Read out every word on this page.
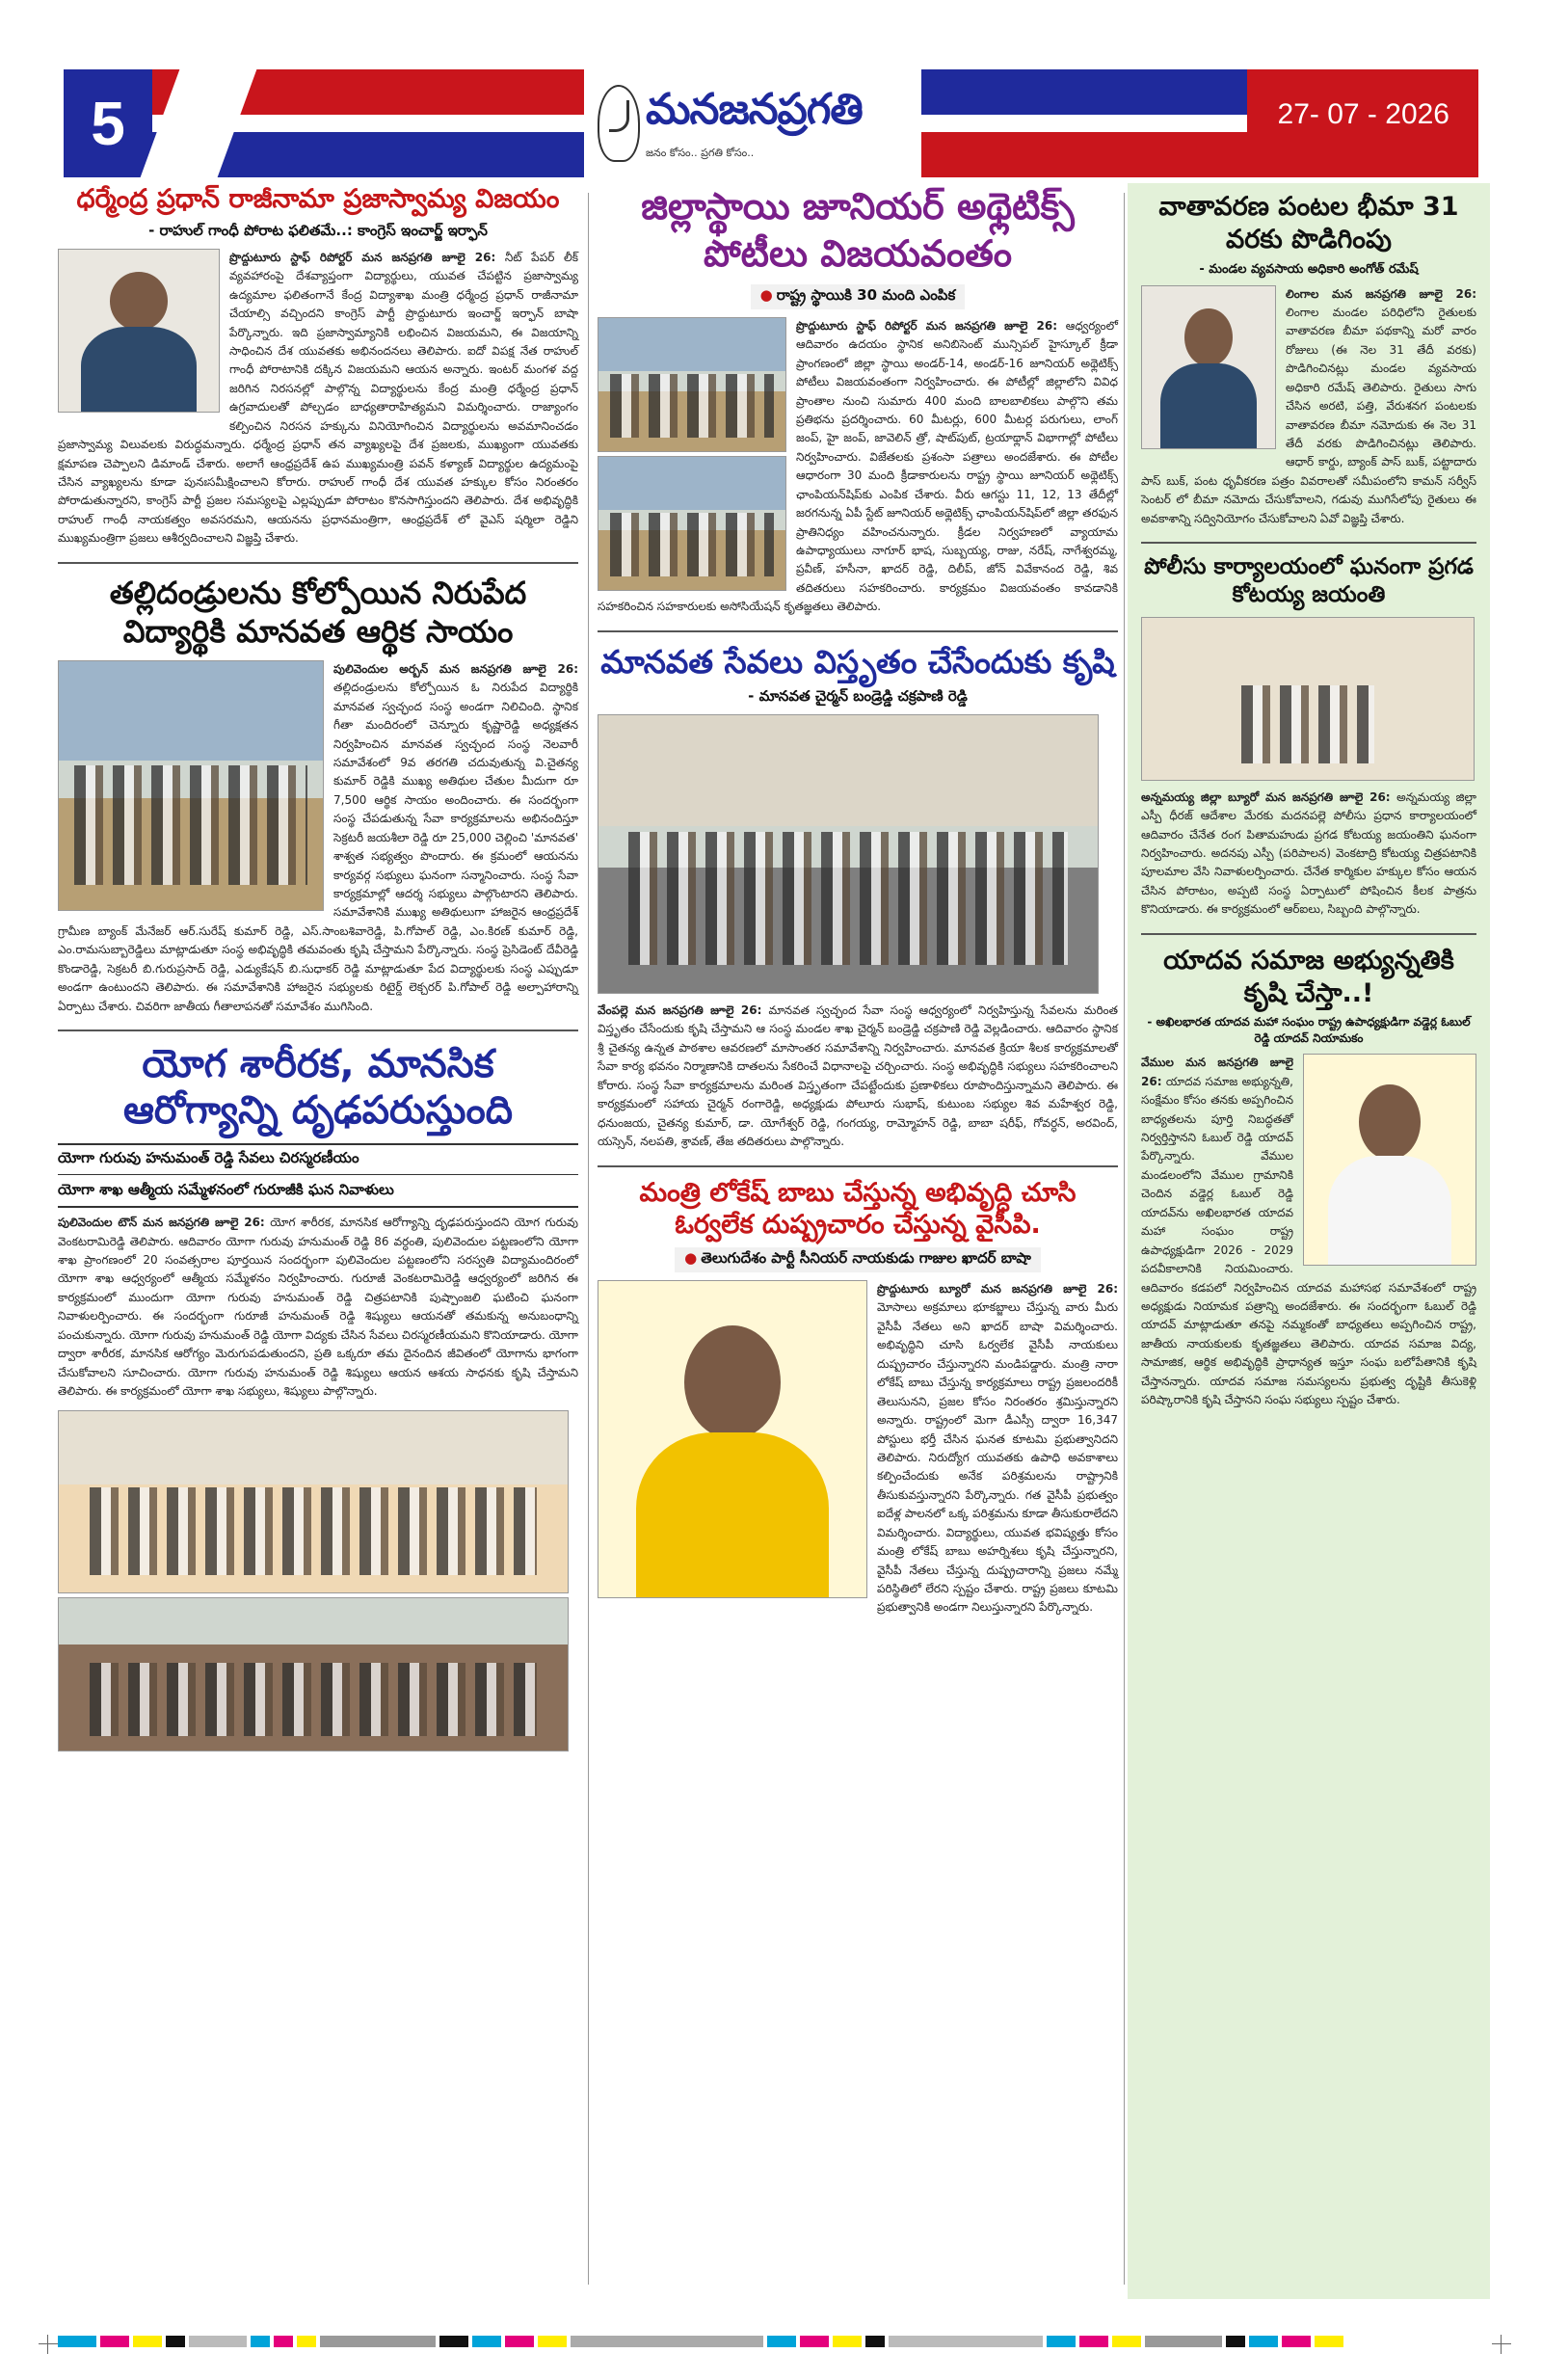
5	మనజనప్రగతి
జనం కోసం.. ప్రగతి కోసం..
27- 07 - 2026
ధర్మేంద్ర ప్రధాన్ రాజీనామా ప్రజాస్వామ్య విజయం
- రాహుల్ గాంధీ పోరాట ఫలితమే..: కాంగ్రెస్ ఇంచార్జ్ ఇర్ఫాన్
ప్రొద్దుటూరు స్టాఫ్ రిపోర్టర్ మన జనప్రగతి జూలై 26: నీట్ పేపర్ లీక్ వ్యవహారంపై దేశవ్యాప్తంగా విద్యార్థులు, యువత చేపట్టిన ప్రజాస్వామ్య ఉద్యమాల ఫలితంగానే కేంద్ర విద్యాశాఖ మంత్రి ధర్మేంద్ర ప్రధాన్ రాజీనామా చేయాల్సి వచ్చిందని కాంగ్రెస్ పార్టీ ప్రొద్దుటూరు ఇంచార్జ్ ఇర్ఫాన్ బాషా పేర్కొన్నారు. ఇది ప్రజాస్వామ్యానికి లభించిన విజయమని, ఈ విజయాన్ని సాధించిన దేశ యువతకు అభినందనలు తెలిపారు. ఐదో విపక్ష నేత రాహుల్ గాంధీ పోరాటానికి దక్కిన విజయమని ఆయన అన్నారు. ఇంటర్ మంగళ వద్ద జరిగిన నిరసనల్లో పాల్గొన్న విద్యార్థులను కేంద్ర మంత్రి ధర్మేంద్ర ప్రధాన్ ఉగ్రవాదులతో పోల్చడం బాధ్యతారాహిత్యమని విమర్శించారు. రాజ్యాంగం కల్పించిన నిరసన హక్కును వినియోగించిన విద్యార్థులను అవమానించడం ప్రజాస్వామ్య విలువలకు విరుద్ధమన్నారు. ధర్మేంద్ర ప్రధాన్ తన వ్యాఖ్యలపై దేశ ప్రజలకు, ముఖ్యంగా యువతకు క్షమాపణ చెప్పాలని డిమాండ్ చేశారు. అలాగే ఆంధ్రప్రదేశ్ ఉప ముఖ్యమంత్రి పవన్ కళ్యాణ్ విద్యార్థుల ఉద్యమంపై చేసిన వ్యాఖ్యలను కూడా పునఃసమీక్షించాలని కోరారు. రాహుల్ గాంధీ దేశ యువత హక్కుల కోసం నిరంతరం పోరాడుతున్నారని, కాంగ్రెస్ పార్టీ ప్రజల సమస్యలపై ఎల్లప్పుడూ పోరాటం కొనసాగిస్తుందని తెలిపారు. దేశ అభివృద్ధికి రాహుల్ గాంధీ నాయకత్వం అవసరమని, ఆయనను ప్రధానమంత్రిగా, ఆంధ్రప్రదేశ్ లో వైఎస్ షర్మిలా రెడ్డిని ముఖ్యమంత్రిగా ప్రజలు ఆశీర్వదించాలని విజ్ఞప్తి చేశారు.
తల్లిదండ్రులను కోల్పోయిన నిరుపేద విద్యార్థికి మానవత ఆర్థిక సాయం
పులివెందుల అర్బన్ మన జనప్రగతి జూలై 26: తల్లిదండ్రులను కోల్పోయిన ఓ నిరుపేద విద్యార్థికి మానవత స్వచ్ఛంద సంస్థ అండగా నిలిచింది. స్థానిక గీతా మందిరంలో చెన్నూరు కృష్ణారెడ్డి అధ్యక్షతన నిర్వహించిన మానవత స్వచ్ఛంద సంస్థ నెలవారీ సమావేశంలో 9వ తరగతి చదువుతున్న వి.చైతన్య కుమార్ రెడ్డికి ముఖ్య అతిథుల చేతుల మీదుగా రూ 7,500 ఆర్థిక సాయం అందించారు. ఈ సందర్భంగా సంస్థ చేపడుతున్న సేవా కార్యక్రమాలను అభినందిస్తూ సెక్రటరీ జయశీలా రెడ్డి రూ 25,000 చెల్లించి 'మానవత' శాశ్వత సభ్యత్వం పొందారు. ఈ క్రమంలో ఆయనను కార్యవర్గ సభ్యులు ఘనంగా సన్మానించారు. సంస్థ సేవా కార్యక్రమాల్లో ఆదర్శ సభ్యులు పాల్గొంటారని తెలిపారు. సమావేశానికి ముఖ్య అతిథులుగా హాజరైన ఆంధ్రప్రదేశ్ గ్రామీణ బ్యాంక్ మేనేజర్ ఆర్.సురేష్ కుమార్ రెడ్డి, ఎస్.సాంబశివారెడ్డి, పి.గోపాల్ రెడ్డి, ఎం.కిరణ్ కుమార్ రెడ్డి, ఎం.రామసుబ్బారెడ్డిలు మాట్లాడుతూ సంస్థ అభివృద్ధికి తమవంతు కృషి చేస్తామని పేర్కొన్నారు. సంస్థ ప్రెసిడెంట్ దేవీరెడ్డి కొండారెడ్డి, సెక్రటరీ బి.గురుప్రసాద్ రెడ్డి, ఎడ్యుకేషన్ బి.సుధాకర్ రెడ్డి మాట్లాడుతూ పేద విద్యార్థులకు సంస్థ ఎప్పుడూ అండగా ఉంటుందని తెలిపారు. ఈ సమావేశానికి హాజరైన సభ్యులకు రిటైర్డ్ లెక్చరర్ పి.గోపాల్ రెడ్డి అల్పాహారాన్ని ఏర్పాటు చేశారు. చివరిగా జాతీయ గీతాలాపనతో సమావేశం ముగిసింది.
యోగ శారీరక, మానసిక ఆరోగ్యాన్ని దృఢపరుస్తుంది
యోగా గురువు హనుమంత్ రెడ్డి సేవలు చిరస్మరణీయం
యోగా శాఖ ఆత్మీయ సమ్మేళనంలో గురూజీకి ఘన నివాళులు
పులివెందుల టౌన్ మన జనప్రగతి జూలై 26: యోగ శారీరక, మానసిక ఆరోగ్యాన్ని దృఢపరుస్తుందని యోగ గురువు వెంకటరామిరెడ్డి తెలిపారు. ఆదివారం యోగా గురువు హనుమంత్ రెడ్డి 86 వర్ధంతి, పులివెందుల పట్టణంలోని యోగా శాఖ ప్రాంగణంలో 20 సంవత్సరాల పూర్తయిన సందర్భంగా పులివెందుల పట్టణంలోని సరస్వతి విద్యామందిరంలో యోగా శాఖ ఆధ్వర్యంలో ఆత్మీయ సమ్మేళనం నిర్వహించారు. గురూజీ వెంకటరామిరెడ్డి ఆధ్వర్యంలో జరిగిన ఈ కార్యక్రమంలో ముందుగా యోగా గురువు హనుమంత్ రెడ్డి చిత్రపటానికి పుష్పాంజలి ఘటించి ఘనంగా నివాళులర్పించారు. ఈ సందర్భంగా గురూజీ హనుమంత్ రెడ్డి శిష్యులు ఆయనతో తమకున్న అనుబంధాన్ని పంచుకున్నారు. యోగా గురువు హనుమంత్ రెడ్డి యోగా విద్యకు చేసిన సేవలు చిరస్మరణీయమని కొనియాడారు. యోగా ద్వారా శారీరక, మానసిక ఆరోగ్యం మెరుగుపడుతుందని, ప్రతి ఒక్కరూ తమ దైనందిన జీవితంలో యోగాను భాగంగా చేసుకోవాలని సూచించారు. యోగా గురువు హనుమంత్ రెడ్డి శిష్యులు ఆయన ఆశయ సాధనకు కృషి చేస్తామని తెలిపారు. ఈ కార్యక్రమంలో యోగా శాఖ సభ్యులు, శిష్యులు పాల్గొన్నారు.
జిల్లాస్థాయి జూనియర్ అథ్లెటిక్స్ పోటీలు విజయవంతం
● రాష్ట్ర స్థాయికి 30 మంది ఎంపిక
ప్రొద్దుటూరు స్టాఫ్ రిపోర్టర్ మన జనప్రగతి జూలై 26: ఆధ్వర్యంలో ఆదివారం ఉదయం స్థానిక అనిబిసెంట్ మున్సిపల్ హైస్కూల్ క్రీడా ప్రాంగణంలో జిల్లా స్థాయి అండర్-14, అండర్-16 జూనియర్ అథ్లెటిక్స్ పోటీలు విజయవంతంగా నిర్వహించారు. ఈ పోటీల్లో జిల్లాలోని వివిధ ప్రాంతాల నుంచి సుమారు 400 మంది బాలబాలికలు పాల్గొని తమ ప్రతిభను ప్రదర్శించారు. 60 మీటర్లు, 600 మీటర్ల పరుగులు, లాంగ్ జంప్, హై జంప్, జావెలిన్ త్రో, షాట్‌పుట్, ట్రయాథ్లాన్ విభాగాల్లో పోటీలు నిర్వహించారు. విజేతలకు ప్రశంసా పత్రాలు అందజేశారు. ఈ పోటీల ఆధారంగా 30 మంది క్రీడాకారులను రాష్ట్ర స్థాయి జూనియర్ అథ్లెటిక్స్ ఛాంపియన్‌షిప్‌కు ఎంపిక చేశారు. వీరు ఆగస్టు 11, 12, 13 తేదీల్లో జరగనున్న ఏపీ స్టేట్ జూనియర్ అథ్లెటిక్స్ ఛాంపియన్‌షిప్‌లో జిల్లా తరఫున ప్రాతినిధ్యం వహించనున్నారు. క్రీడల నిర్వహణలో వ్యాయామ ఉపాధ్యాయులు నాగూర్ భాష, సుబ్బయ్య, రాజు, నరేష్, నాగేశ్వరమ్మ, ప్రవీణ్, హసీనా, ఖాదర్ రెడ్డి, దిలీప్, జోన్ వివేకానంద రెడ్డి, శివ తదితరులు సహకరించారు. కార్యక్రమం విజయవంతం కావడానికి సహకరించిన సహకారులకు అసోసియేషన్ కృతజ్ఞతలు తెలిపారు.
మానవత సేవలు విస్తృతం చేసేందుకు కృషి
- మానవత చైర్మన్ బండ్రెడ్డి చక్రపాణి రెడ్డి
వేంపల్లె మన జనప్రగతి జూలై 26: మానవత స్వచ్ఛంద సేవా సంస్థ ఆధ్వర్యంలో నిర్వహిస్తున్న సేవలను మరింత విస్తృతం చేసేందుకు కృషి చేస్తామని ఆ సంస్థ మండల శాఖ చైర్మన్ బండ్రెడ్డి చక్రపాణి రెడ్డి వెల్లడించారు. ఆదివారం స్థానిక శ్రీ చైతన్య ఉన్నత పాఠశాల ఆవరణలో మాసాంతర సమావేశాన్ని నిర్వహించారు. మానవత క్రియా శీలక కార్యక్రమాలతో సేవా కార్య భవనం నిర్మాణానికి దాతలను సేకరించే విధానాలపై చర్చించారు. సంస్థ అభివృద్ధికి సభ్యులు సహకరించాలని కోరారు. సంస్థ సేవా కార్యక్రమాలను మరింత విస్తృతంగా చేపట్టేందుకు ప్రణాళికలు రూపొందిస్తున్నామని తెలిపారు. ఈ కార్యక్రమంలో సహాయ చైర్మన్ రంగారెడ్డి, అధ్యక్షుడు పోలూరు సుభాష్, కుటుంబ సభ్యుల శివ మహేశ్వర రెడ్డి, ధనుంజయ, చైతన్య కుమార్, డా. యోగేశ్వర్ రెడ్డి, గంగయ్య, రామ్మోహన్ రెడ్డి, బాబా షరీఫ్, గోవర్ధన్, అరవింద్, యస్సెన్, నలపతి, శ్రావణ్, తేజ తదితరులు పాల్గొన్నారు.
మంత్రి లోకేష్ బాబు చేస్తున్న అభివృద్ధి చూసి ఓర్వలేక దుష్ప్రచారం చేస్తున్న వైసీపి.
● తెలుగుదేశం పార్టీ సీనియర్ నాయకుడు గాజుల ఖాదర్ బాషా
ప్రొద్దుటూరు బ్యూరో మన జనప్రగతి జూలై 26: మోసాలు అక్రమాలు భూకబ్జాలు చేస్తున్న వారు మీరు వైసీపీ నేతలు అని ఖాదర్ బాషా విమర్శించారు. అభివృద్ధిని చూసి ఓర్వలేక వైసీపీ నాయకులు దుష్ప్రచారం చేస్తున్నారని మండిపడ్డారు. మంత్రి నారా లోకేష్ బాబు చేస్తున్న కార్యక్రమాలు రాష్ట్ర ప్రజలందరికీ తెలుసునని, ప్రజల కోసం నిరంతరం శ్రమిస్తున్నారని అన్నారు. రాష్ట్రంలో మెగా డీఎస్సీ ద్వారా 16,347 పోస్టులు భర్తీ చేసిన ఘనత కూటమి ప్రభుత్వానిదని తెలిపారు. నిరుద్యోగ యువతకు ఉపాధి అవకాశాలు కల్పించేందుకు అనేక పరిశ్రమలను రాష్ట్రానికి తీసుకువస్తున్నారని పేర్కొన్నారు. గత వైసీపీ ప్రభుత్వం ఐదేళ్ల పాలనలో ఒక్క పరిశ్రమను కూడా తీసుకురాలేదని విమర్శించారు. విద్యార్థులు, యువత భవిష్యత్తు కోసం మంత్రి లోకేష్ బాబు అహర్నిశలు కృషి చేస్తున్నారని, వైసీపీ నేతలు చేస్తున్న దుష్ప్రచారాన్ని ప్రజలు నమ్మే పరిస్థితిలో లేరని స్పష్టం చేశారు. రాష్ట్ర ప్రజలు కూటమి ప్రభుత్వానికి అండగా నిలుస్తున్నారని పేర్కొన్నారు.
వాతావరణ పంటల భీమా 31 వరకు పొడిగింపు
- మండల వ్యవసాయ అధికారి అంగోత్ రమేష్
లింగాల మన జనప్రగతి జూలై 26: లింగాల మండల పరిధిలోని రైతులకు వాతావరణ బీమా పథకాన్ని మరో వారం రోజులు (ఈ నెల 31 తేదీ వరకు) పొడిగించినట్లు మండల వ్యవసాయ అధికారి రమేష్ తెలిపారు. రైతులు సాగు చేసిన అరటి, పత్తి, వేరుశనగ పంటలకు వాతావరణ బీమా నమోదుకు ఈ నెల 31 తేదీ వరకు పొడిగించినట్లు తెలిపారు. ఆధార్ కార్డు, బ్యాంక్ పాస్ బుక్, పట్టాదారు పాస్ బుక్, పంట ధృవీకరణ పత్రం వివరాలతో సమీపంలోని కామన్ సర్వీస్ సెంటర్ లో బీమా నమోదు చేసుకోవాలని, గడువు ముగిసేలోపు రైతులు ఈ అవకాశాన్ని సద్వినియోగం చేసుకోవాలని ఏవో విజ్ఞప్తి చేశారు.
పోలీసు కార్యాలయంలో ఘనంగా ప్రగడ కోటయ్య జయంతి
అన్నమయ్య జిల్లా బ్యూరో మన జనప్రగతి జూలై 26: అన్నమయ్య జిల్లా ఎస్పీ ధీరజ్ ఆదేశాల మేరకు మదనపల్లె పోలీసు ప్రధాన కార్యాలయంలో ఆదివారం చేనేత రంగ పితామహుడు ప్రగడ కోటయ్య జయంతిని ఘనంగా నిర్వహించారు. అదనపు ఎస్పీ (పరిపాలన) వెంకటాద్రి కోటయ్య చిత్రపటానికి పూలమాల వేసి నివాళులర్పించారు. చేనేత కార్మికుల హక్కుల కోసం ఆయన చేసిన పోరాటం, అప్పటి సంస్థ ఏర్పాటులో పోషించిన కీలక పాత్రను కొనియాడారు. ఈ కార్యక్రమంలో ఆర్ఐలు, సిబ్బంది పాల్గొన్నారు.
యాదవ సమాజ అభ్యున్నతికి కృషి చేస్తా..!
- అఖిలభారత యాదవ మహా సంఘం రాష్ట్ర ఉపాధ్యక్షుడిగా వడ్డెర్ల ఓబుల్ రెడ్డి యాదవ్ నియామకం
వేముల మన జనప్రగతి జూలై 26: యాదవ సమాజ అభ్యున్నతి, సంక్షేమం కోసం తనకు అప్పగించిన బాధ్యతలను పూర్తి నిబద్ధతతో నిర్వర్తిస్తానని ఓబుల్ రెడ్డి యాదవ్ పేర్కొన్నారు. వేముల మండలంలోని వేముల గ్రామానికి చెందిన వడ్డెర్ల ఓబుల్ రెడ్డి యాదవ్‌ను అఖిలభారత యాదవ మహా సంఘం రాష్ట్ర ఉపాధ్యక్షుడిగా 2026 - 2029 పదవీకాలానికి నియమించారు. ఆదివారం కడపలో నిర్వహించిన యాదవ మహాసభ సమావేశంలో రాష్ట్ర అధ్యక్షుడు నియామక పత్రాన్ని అందజేశారు. ఈ సందర్భంగా ఓబుల్ రెడ్డి యాదవ్ మాట్లాడుతూ తనపై నమ్మకంతో బాధ్యతలు అప్పగించిన రాష్ట్ర, జాతీయ నాయకులకు కృతజ్ఞతలు తెలిపారు. యాదవ సమాజ విద్య, సామాజిక, ఆర్థిక అభివృద్ధికి ప్రాధాన్యత ఇస్తూ సంఘ బలోపేతానికి కృషి చేస్తానన్నారు. యాదవ సమాజ సమస్యలను ప్రభుత్వ దృష్టికి తీసుకెళ్లి పరిష్కారానికి కృషి చేస్తానని సంఘ సభ్యులు స్పష్టం చేశారు.
